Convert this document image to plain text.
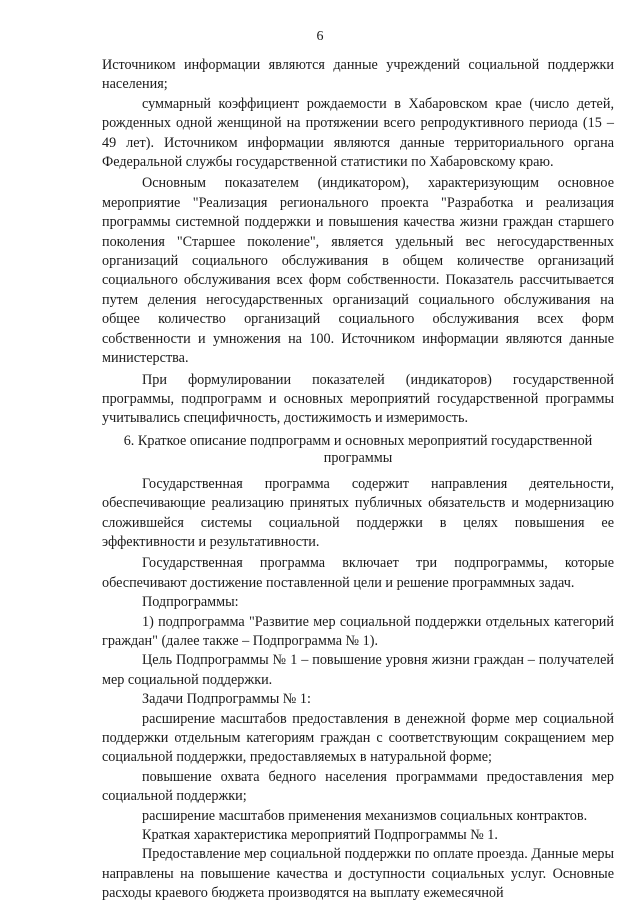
6

Источником информации являются данные учреждений социальной поддержки населения;

суммарный коэффициент рождаемости в Хабаровском крае (число детей, рожденных одной женщиной на протяжении всего репродуктивного периода (15 – 49 лет). Источником информации являются данные территориального органа Федеральной службы государственной статистики по Хабаровскому краю.

Основным показателем (индикатором), характеризующим основное мероприятие "Реализация регионального проекта "Разработка и реализация программы системной поддержки и повышения качества жизни граждан старшего поколения "Старшее поколение", является удельный вес негосударственных организаций социального обслуживания в общем количестве организаций социального обслуживания всех форм собственности. Показатель рассчитывается путем деления негосударственных организаций социального обслуживания на общее количество организаций социального обслуживания всех форм собственности и умножения на 100. Источником информации являются данные министерства.

При формулировании показателей (индикаторов) государственной программы, подпрограмм и основных мероприятий государственной программы учитывались специфичность, достижимость и измеримость.

6. Краткое описание подпрограмм и основных мероприятий государственной программы

Государственная программа содержит направления деятельности, обеспечивающие реализацию принятых публичных обязательств и модернизацию сложившейся системы социальной поддержки в целях повышения ее эффективности и результативности.

Государственная программа включает три подпрограммы, которые обеспечивают достижение поставленной цели и решение программных задач.

Подпрограммы:

1) подпрограмма "Развитие мер социальной поддержки отдельных категорий граждан" (далее также – Подпрограмма № 1).

Цель Подпрограммы № 1 – повышение уровня жизни граждан – получателей мер социальной поддержки.

Задачи Подпрограммы № 1:

расширение масштабов предоставления в денежной форме мер социальной поддержки отдельным категориям граждан с соответствующим сокращением мер социальной поддержки, предоставляемых в натуральной форме;

повышение охвата бедного населения программами предоставления мер социальной поддержки;

расширение масштабов применения механизмов социальных контрактов.

Краткая характеристика мероприятий Подпрограммы № 1.

Предоставление мер социальной поддержки по оплате проезда. Данные меры направлены на повышение качества и доступности социальных услуг. Основные расходы краевого бюджета производятся на выплату ежемесячной
